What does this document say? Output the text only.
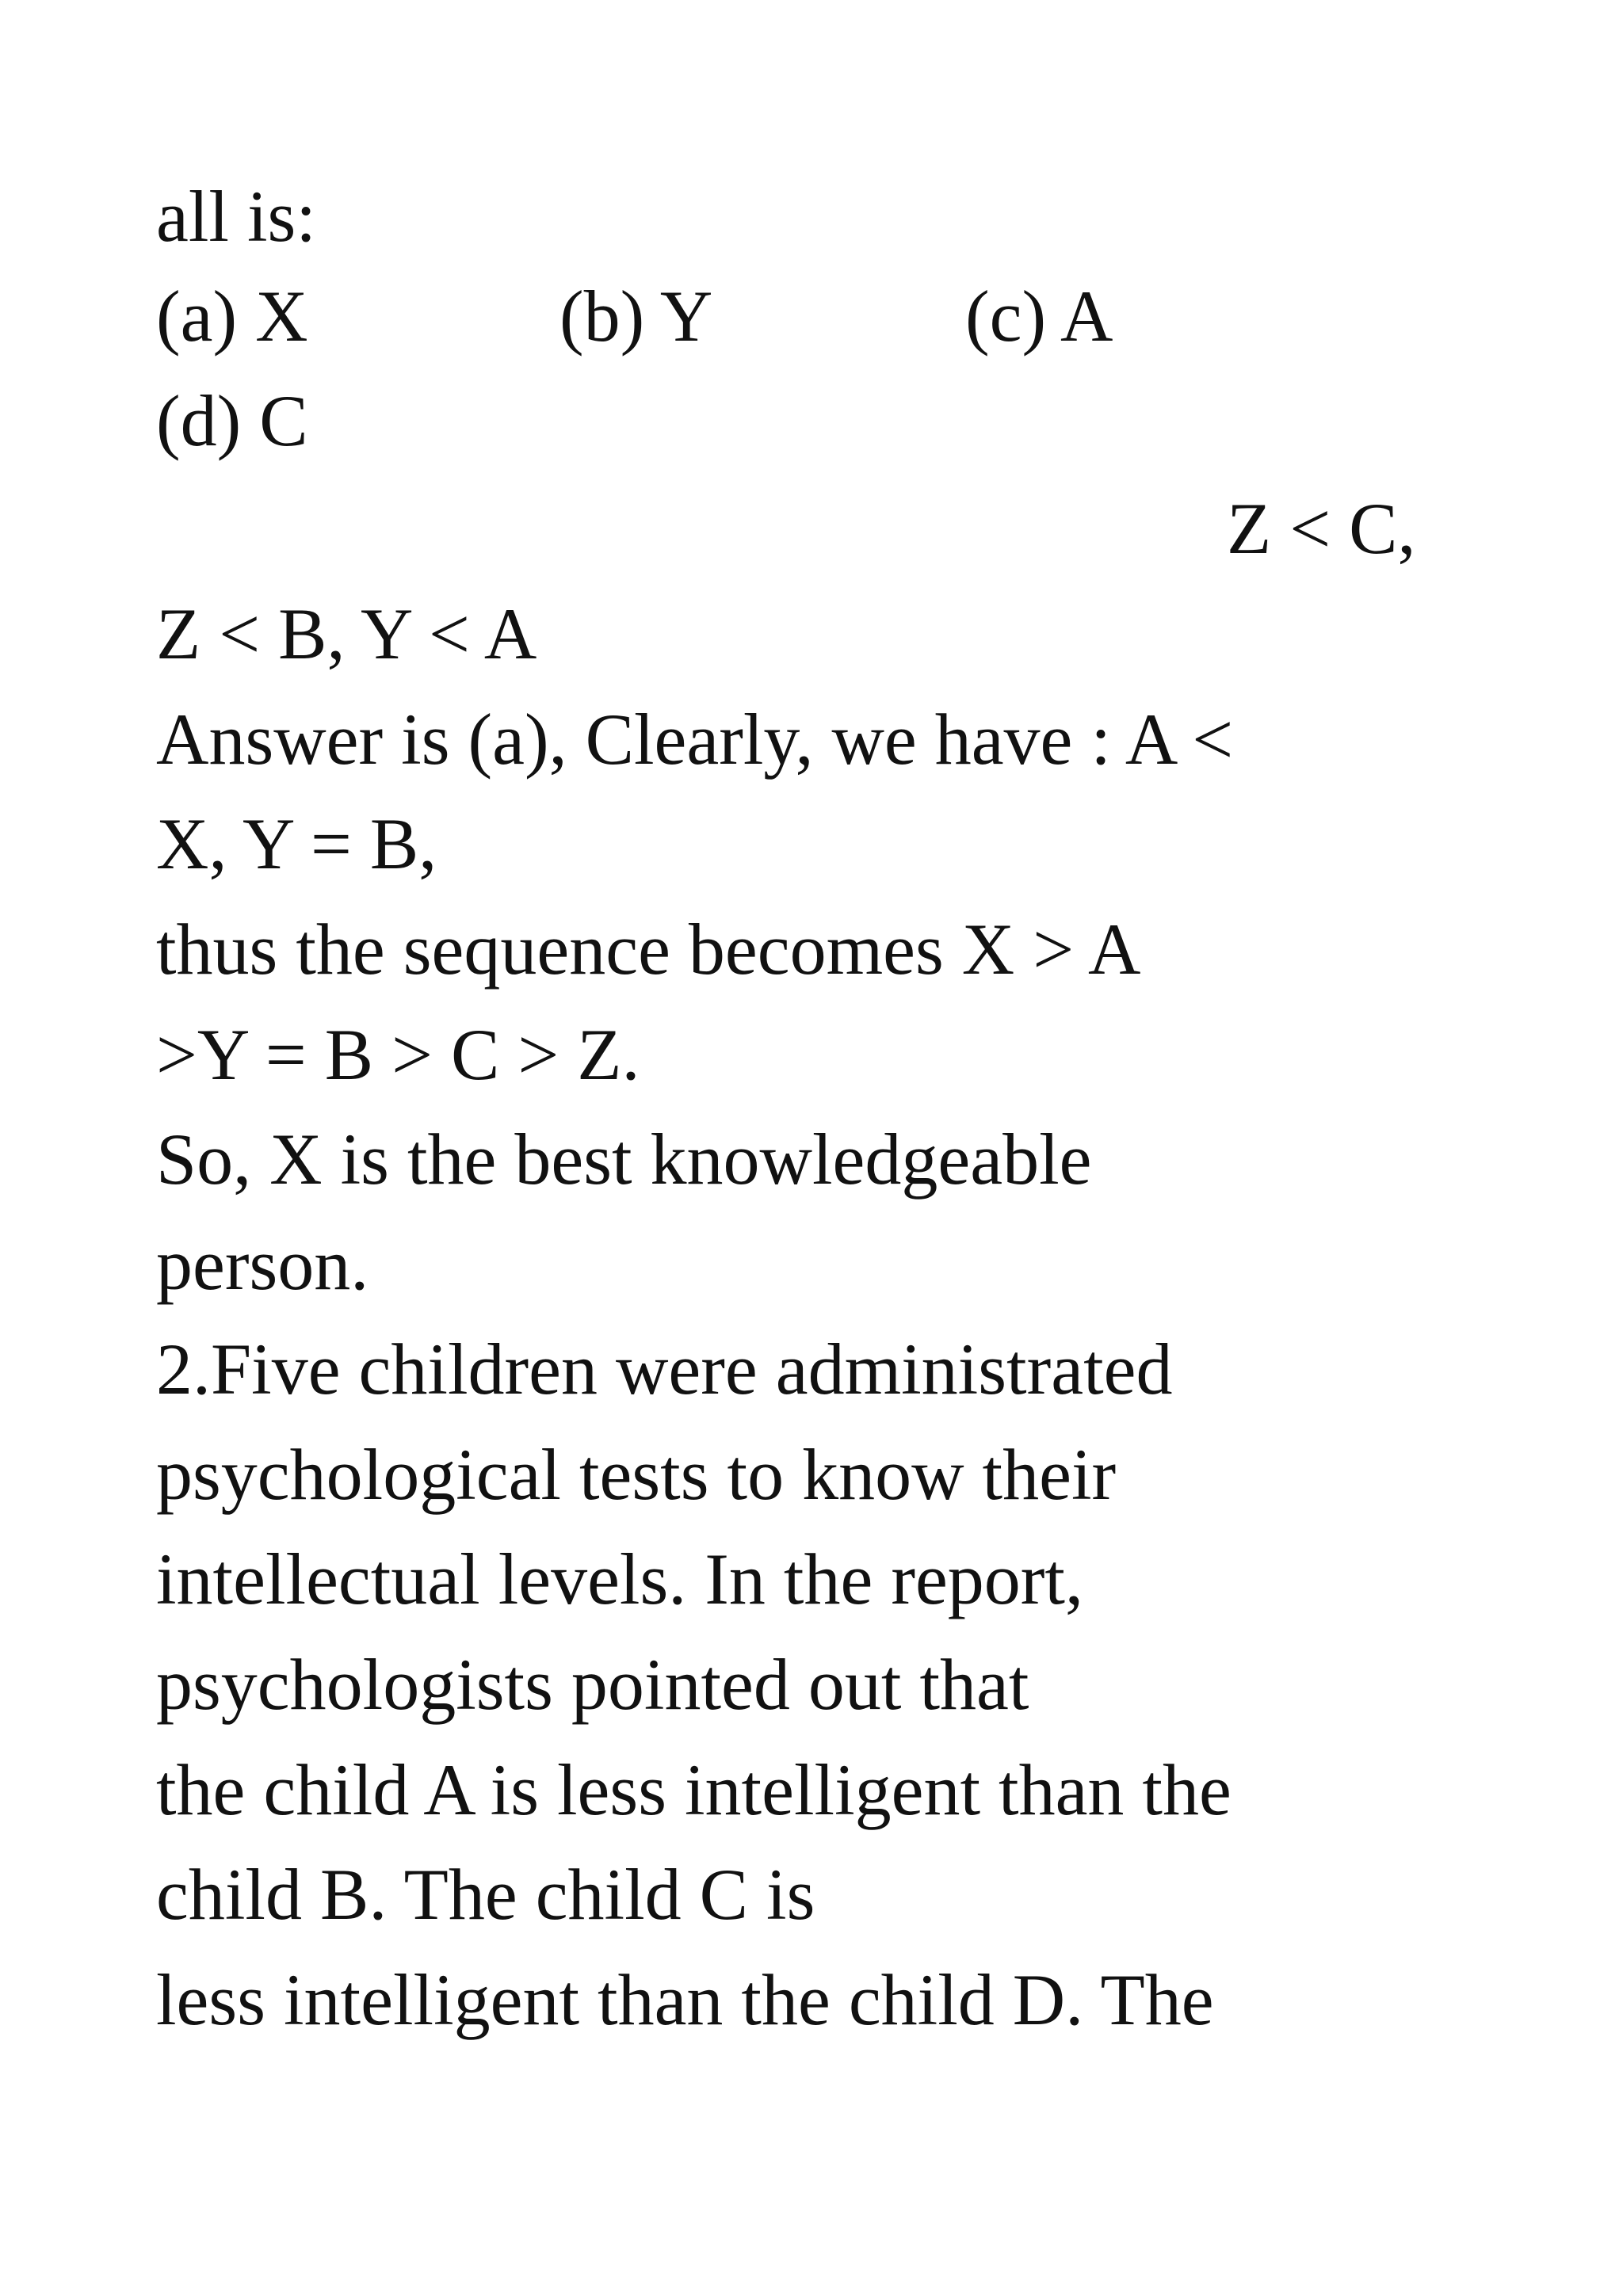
all is:
(a) X	(b) Y	(c) A
(d) C
Z < C,
Z < B, Y < A
Answer is (a), Clearly, we have : A <
X, Y = B,
thus the sequence becomes X > A
>Y = B > C > Z.
So, X is the best knowledgeable
person.
2.Five children were administrated
psychological tests to know their
intellectual levels. In the report,
psychologists pointed out that
the child A is less intelligent than the
child B. The child C is
less intelligent than the child D. The
